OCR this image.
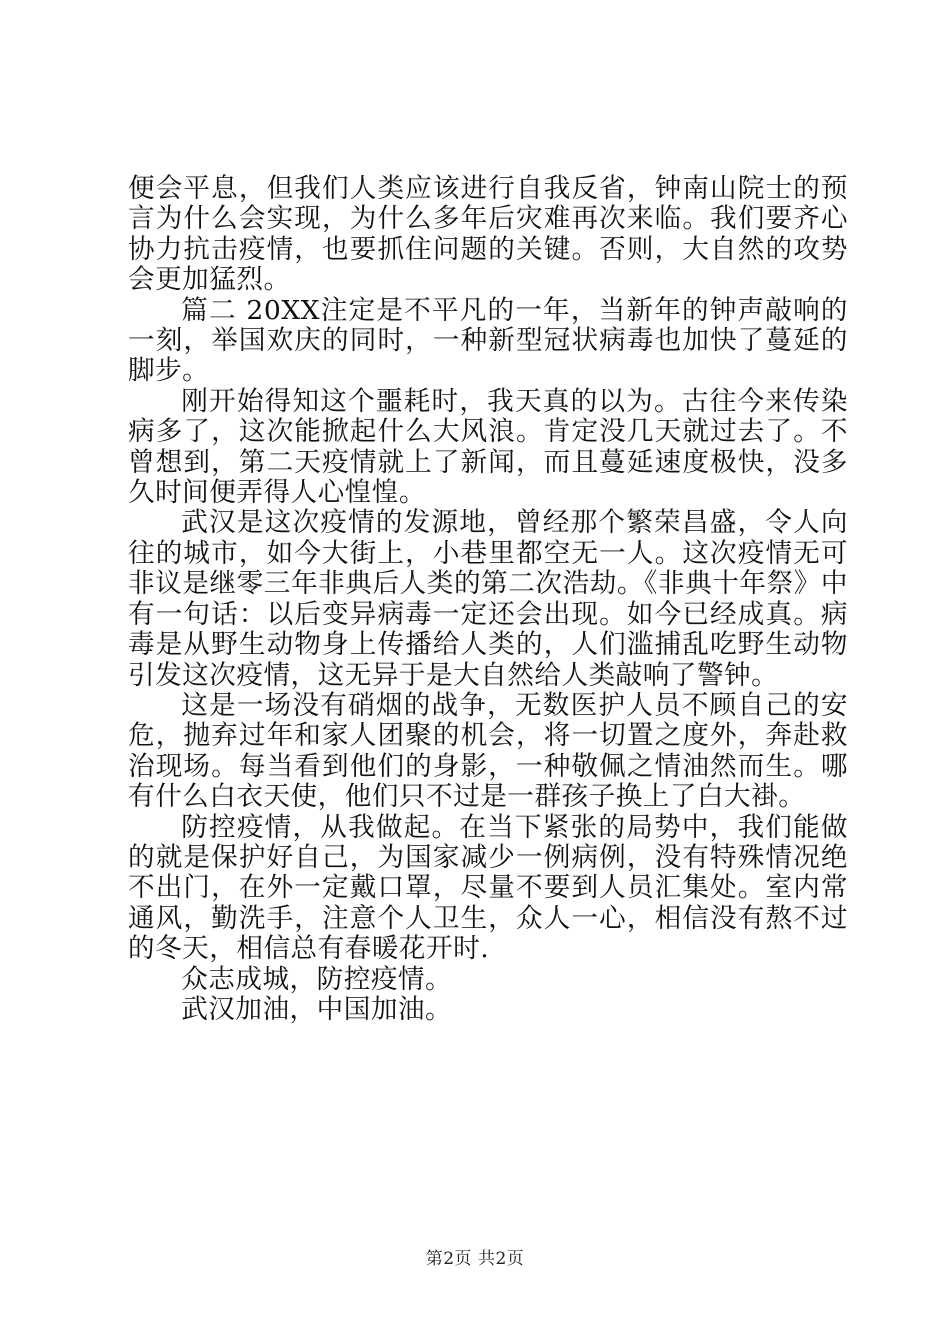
便会平息，但我们人类应该进行自我反省，钟南山院士的预言为什么会实现，为什么多年后灾难再次来临。我们要齐心协力抗击疫情，也要抓住问题的关键。否则，大自然的攻势会更加猛烈。

篇二 20XX注定是不平凡的一年，当新年的钟声敲响的一刻，举国欢庆的同时，一种新型冠状病毒也加快了蔓延的脚步。

刚开始得知这个噩耗时，我天真的以为。古往今来传染病多了，这次能掀起什么大风浪。肯定没几天就过去了。不曾想到，第二天疫情就上了新闻，而且蔓延速度极快，没多久时间便弄得人心惶惶。

武汉是这次疫情的发源地，曾经那个繁荣昌盛，令人向往的城市，如今大街上，小巷里都空无一人。这次疫情无可非议是继零三年非典后人类的第二次浩劫。《非典十年祭》中有一句话：以后变异病毒一定还会出现。如今已经成真。病毒是从野生动物身上传播给人类的，人们滥捕乱吃野生动物引发这次疫情，这无异于是大自然给人类敲响了警钟。

这是一场没有硝烟的战争，无数医护人员不顾自己的安危，抛弃过年和家人团聚的机会，将一切置之度外，奔赴救治现场。每当看到他们的身影，一种敬佩之情油然而生。哪有什么白衣天使，他们只不过是一群孩子换上了白大褂。

防控疫情，从我做起。在当下紧张的局势中，我们能做的就是保护好自己，为国家减少一例病例，没有特殊情况绝不出门，在外一定戴口罩，尽量不要到人员汇集处。室内常通风，勤洗手，注意个人卫生，众人一心，相信没有熬不过的冬天，相信总有春暖花开时.

众志成城，防控疫情。

武汉加油，中国加油。

第2页 共2页
